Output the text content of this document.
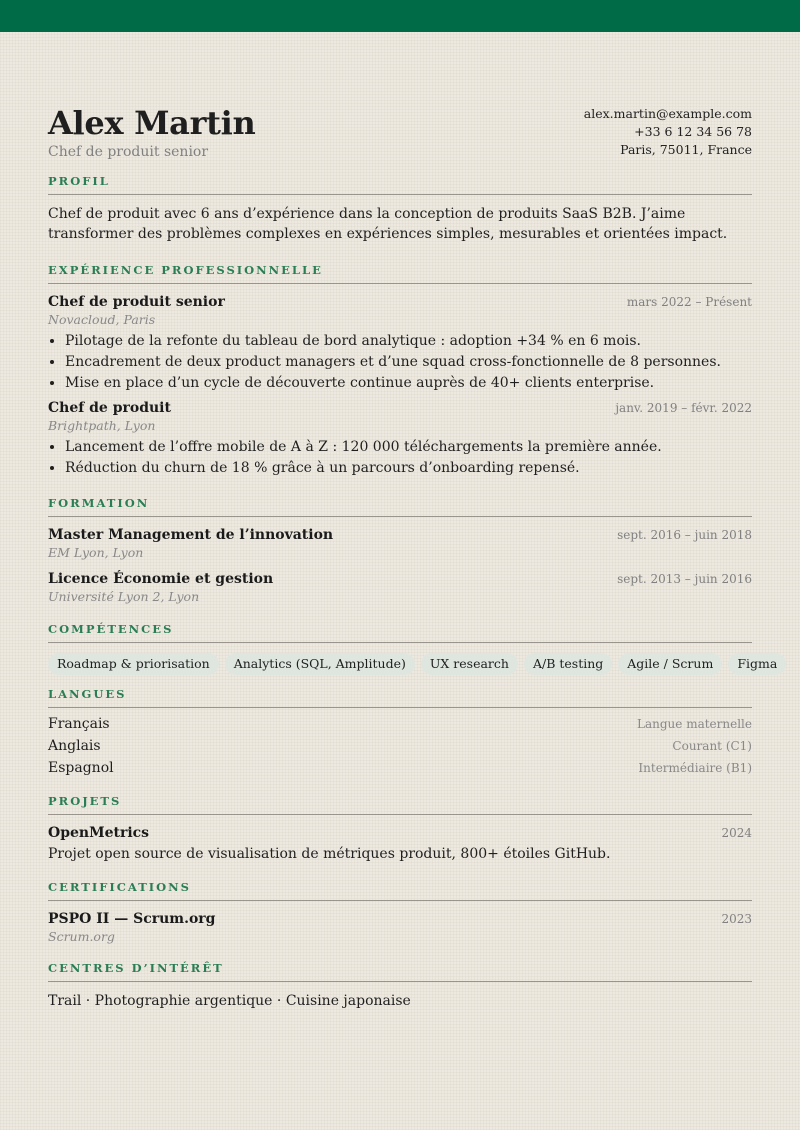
Alex Martin
Chef de produit senior
alex.martin@example.com
+33 6 12 34 56 78
Paris, 75011, France
PROFIL
Chef de produit avec 6 ans d’expérience dans la conception de produits SaaS B2B. J’aime transformer des problèmes complexes en expériences simples, mesurables et orientées impact.
EXPÉRIENCE PROFESSIONNELLE
Chef de produit senior	mars 2022 – Présent
Novacloud, Paris
• Pilotage de la refonte du tableau de bord analytique : adoption +34 % en 6 mois.
• Encadrement de deux product managers et d’une squad cross-fonctionnelle de 8 personnes.
• Mise en place d’un cycle de découverte continue auprès de 40+ clients enterprise.
Chef de produit	janv. 2019 – févr. 2022
Brightpath, Lyon
• Lancement de l’offre mobile de A à Z : 120 000 téléchargements la première année.
• Réduction du churn de 18 % grâce à un parcours d’onboarding repensé.
FORMATION
Master Management de l’innovation	sept. 2016 – juin 2018
EM Lyon, Lyon
Licence Économie et gestion	sept. 2013 – juin 2016
Université Lyon 2, Lyon
COMPÉTENCES
Roadmap & priorisation	Analytics (SQL, Amplitude)	UX research	A/B testing	Agile / Scrum	Figma
LANGUES
Français	Langue maternelle
Anglais	Courant (C1)
Espagnol	Intermédiaire (B1)
PROJETS
OpenMetrics	2024
Projet open source de visualisation de métriques produit, 800+ étoiles GitHub.
CERTIFICATIONS
PSPO II — Scrum.org	2023
Scrum.org
CENTRES D’INTÉRÊT
Trail · Photographie argentique · Cuisine japonaise
